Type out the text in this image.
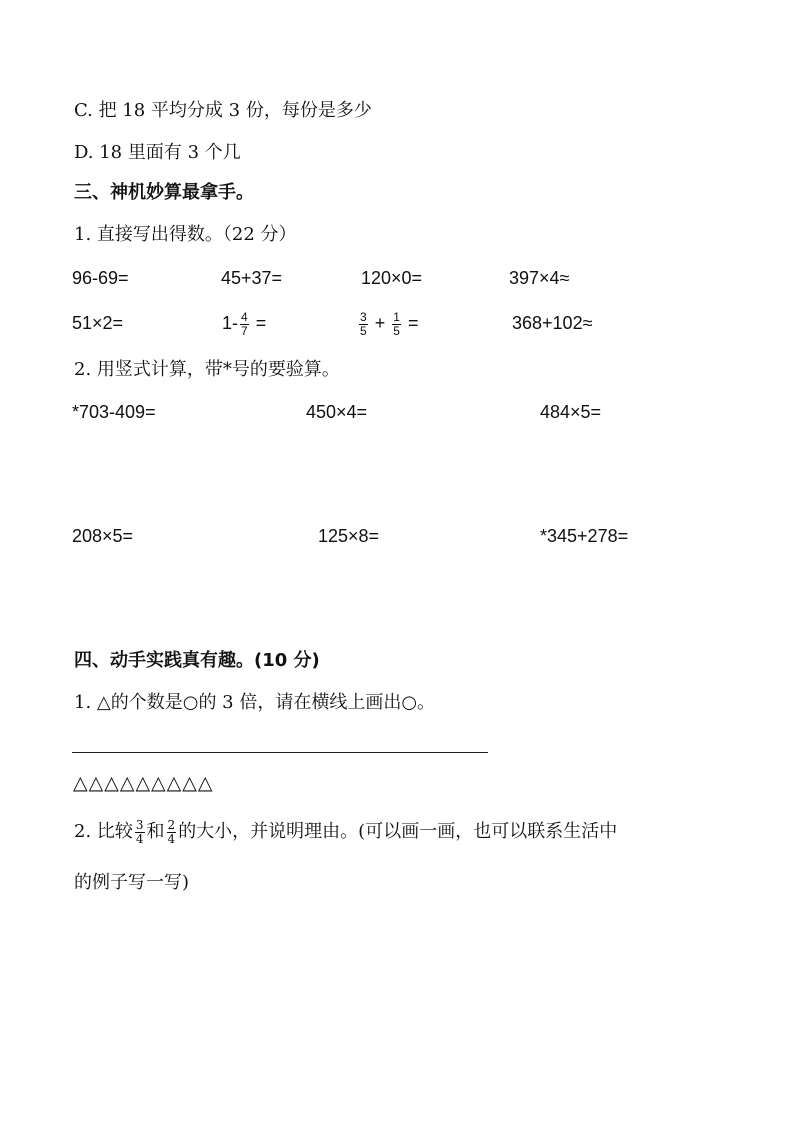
C. 把 18 平均分成 3 份，每份是多少
D. 18 里面有 3 个几
三、神机妙算最拿手。
1. 直接写出得数。（22 分）
96-69=	45+37=	120×0=	397×4≈
51×2=	$1- \frac{4}{7}$ =	$\frac{3}{5} + \frac{1}{5}$ =	368+102≈
2. 用竖式计算，带*号的要验算。
*703-409=	450×4=	484×5=
208×5=	125×8=	*345+278=
四、动手实践真有趣。(10 分)
1. △的个数是○的 3 倍，请在横线上画出○。
△△△△△△△△△
2. 比较 $\frac{3}{4}$ 和 $\frac{2}{4}$ 的大小，并说明理由。(可以画一画，也可以联系生活中
的例子写一写)
